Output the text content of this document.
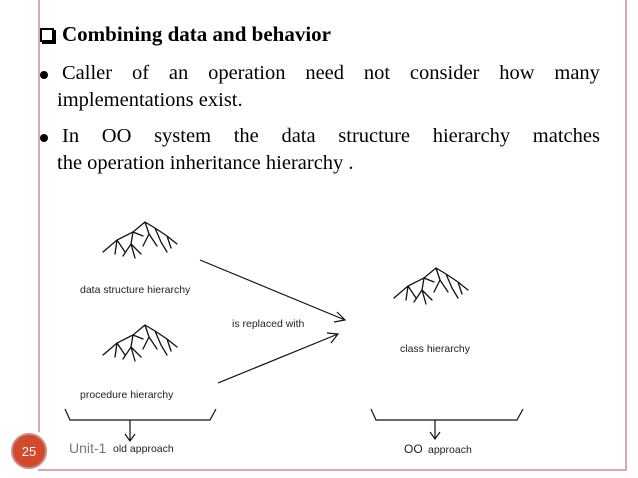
Combining data and behavior
Caller of an operation need not consider how many
implementations exist.
In OO system the data structure hierarchy matches
the operation inheritance hierarchy .
data structure hierarchy
procedure hierarchy
class hierarchy
is replaced with
old approach	OO approach
25	Unit-1
